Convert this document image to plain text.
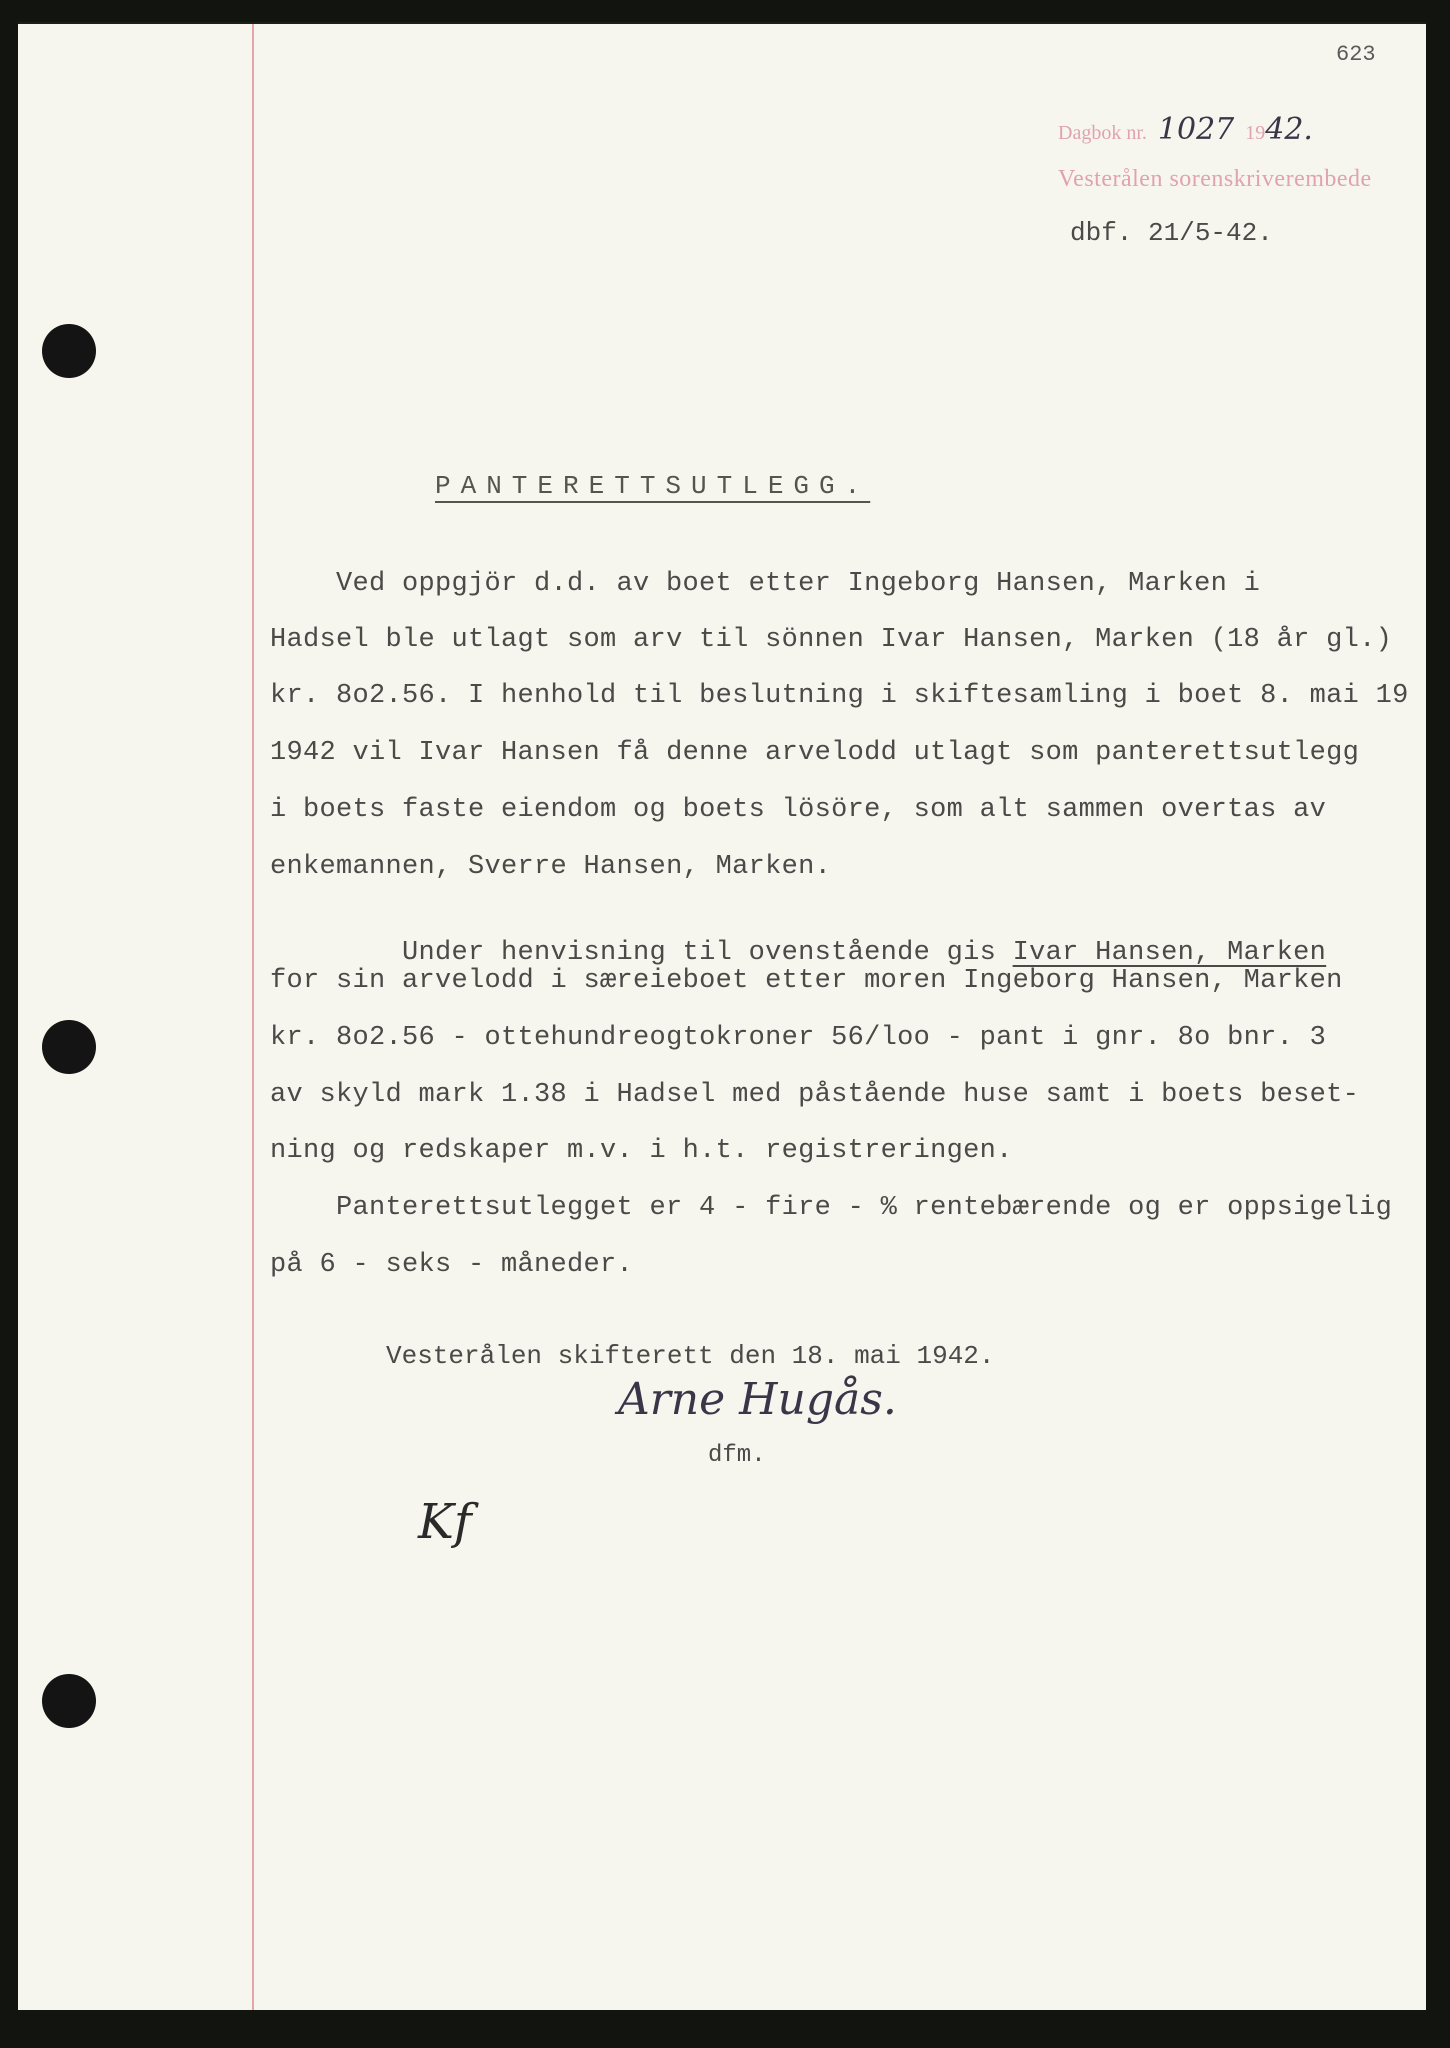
623
Dagbok nr. 1027 1942.
Vesterålen sorenskriverembede
dbf. 21/5-42.
PANTERETTSUTLEGG.
Ved oppgjör d.d. av boet etter Ingeborg Hansen, Marken i
Hadsel ble utlagt som arv til sönnen Ivar Hansen, Marken (18 år gl.)
kr. 8o2.56. I henhold til beslutning i skiftesamling i boet 8. mai 19
1942 vil Ivar Hansen få denne arvelodd utlagt som panterettsutlegg
i boets faste eiendom og boets lösöre, som alt sammen overtas av
enkemannen, Sverre Hansen, Marken.

Under henvisning til ovenstående gis Ivar Hansen, Marken

for sin arvelodd i særeieboet etter moren Ingeborg Hansen, Marken
kr. 8o2.56 - ottehundreogtokroner 56/loo - pant i gnr. 8o bnr. 3
av skyld mark 1.38 i Hadsel med påstående huse samt i boets beset-
ning og redskaper m.v. i h.t. registreringen.
Panterettsutlegget er 4 - fire - % rentebærende og er oppsigelig
på 6 - seks - måneder.
Vesterålen skifterett den 18. mai 1942.
Arne Hugås.
dfm.
Kf
